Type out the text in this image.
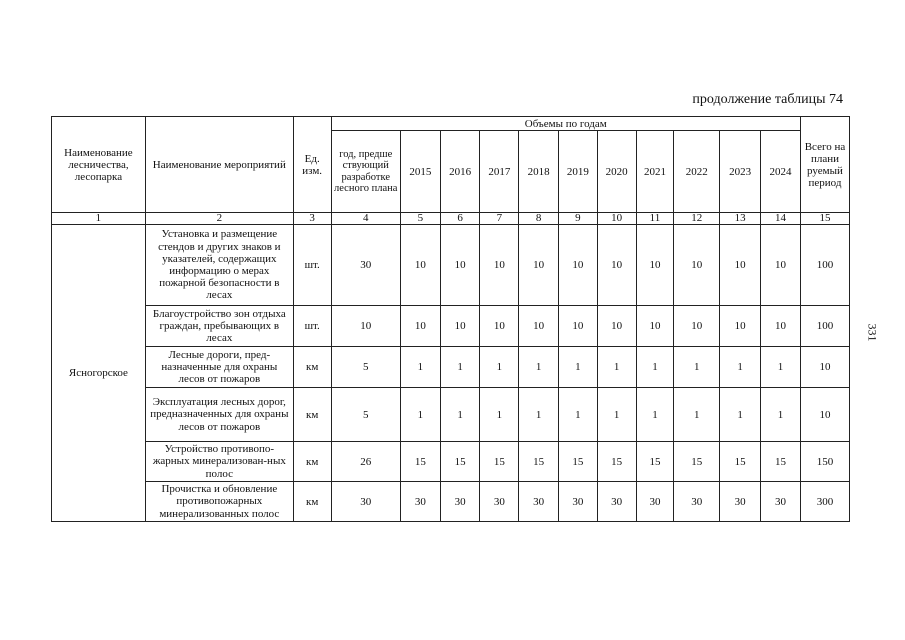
продолжение таблицы 74
331
Наименование лесничества, лесопарка	Наименование мероприятий	Ед. изм.	Объемы по годам											Всего на плани руемый период
			год, предше ствующий разработке лесного плана	2015	2016	2017	2018	2019	2020	2021	2022	2023	2024	
1	2	3	4	5	6	7	8	9	10	11	12	13	14	15
Ясногорское	Установка и размещение стендов и других знаков и указателей, содержащих информацию о мерах пожарной безопасности в лесах	шт.	30	10	10	10	10	10	10	10	10	10	10	100
	Благоустройство зон отдыха граждан, пребывающих в лесах	шт.	10	10	10	10	10	10	10	10	10	10	10	100
	Лесные дороги, пред-назначенные для охраны лесов от пожаров	км	5	1	1	1	1	1	1	1	1	1	1	10
	Эксплуатация лесных дорог, предназначенных для охраны лесов от пожаров	км	5	1	1	1	1	1	1	1	1	1	1	10
	Устройство противопо-жарных минерализован-ных полос	км	26	15	15	15	15	15	15	15	15	15	15	150
	Прочистка и обновление противопожарных минерализованных полос	км	30	30	30	30	30	30	30	30	30	30	30	300
